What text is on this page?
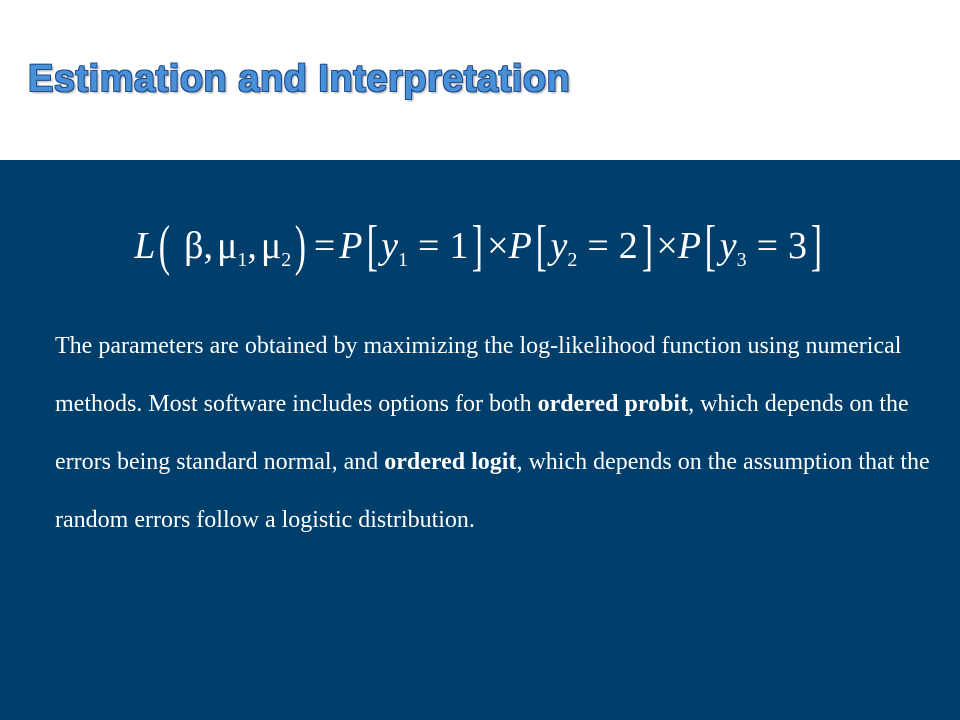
Estimation and Interpretation
L( β, $\mu_1$, $\mu_2) = P[y_1 = 1]\times P[y_2 = 2]\times P[y_3 = 3]$

The parameters are obtained by maximizing the log-likelihood function using numerical methods. Most software includes options for both ordered probit, which depends on the errors being standard normal, and ordered logit, which depends on the assumption that the random errors follow a logistic distribution.
